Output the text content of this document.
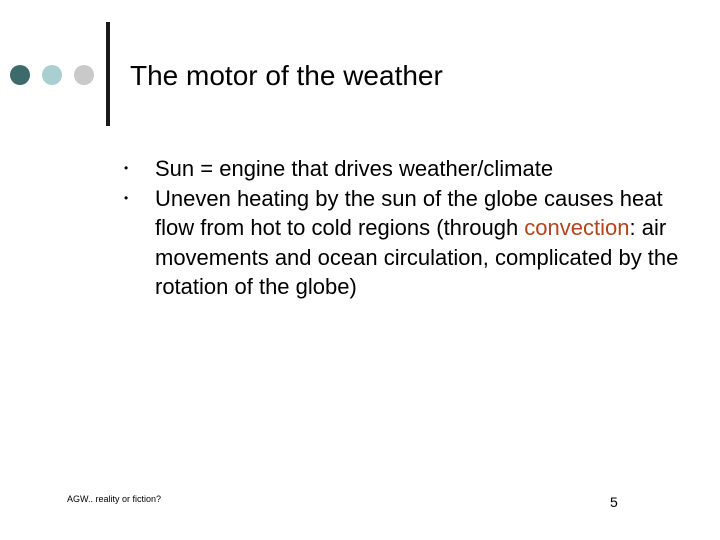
The motor of the weather
• Sun = engine that drives weather/climate
• Uneven heating by the sun of the globe causes heat flow from hot to cold regions (through convection: air movements and ocean circulation, complicated by the rotation of the globe)
AGW.. reality or fiction?	5
